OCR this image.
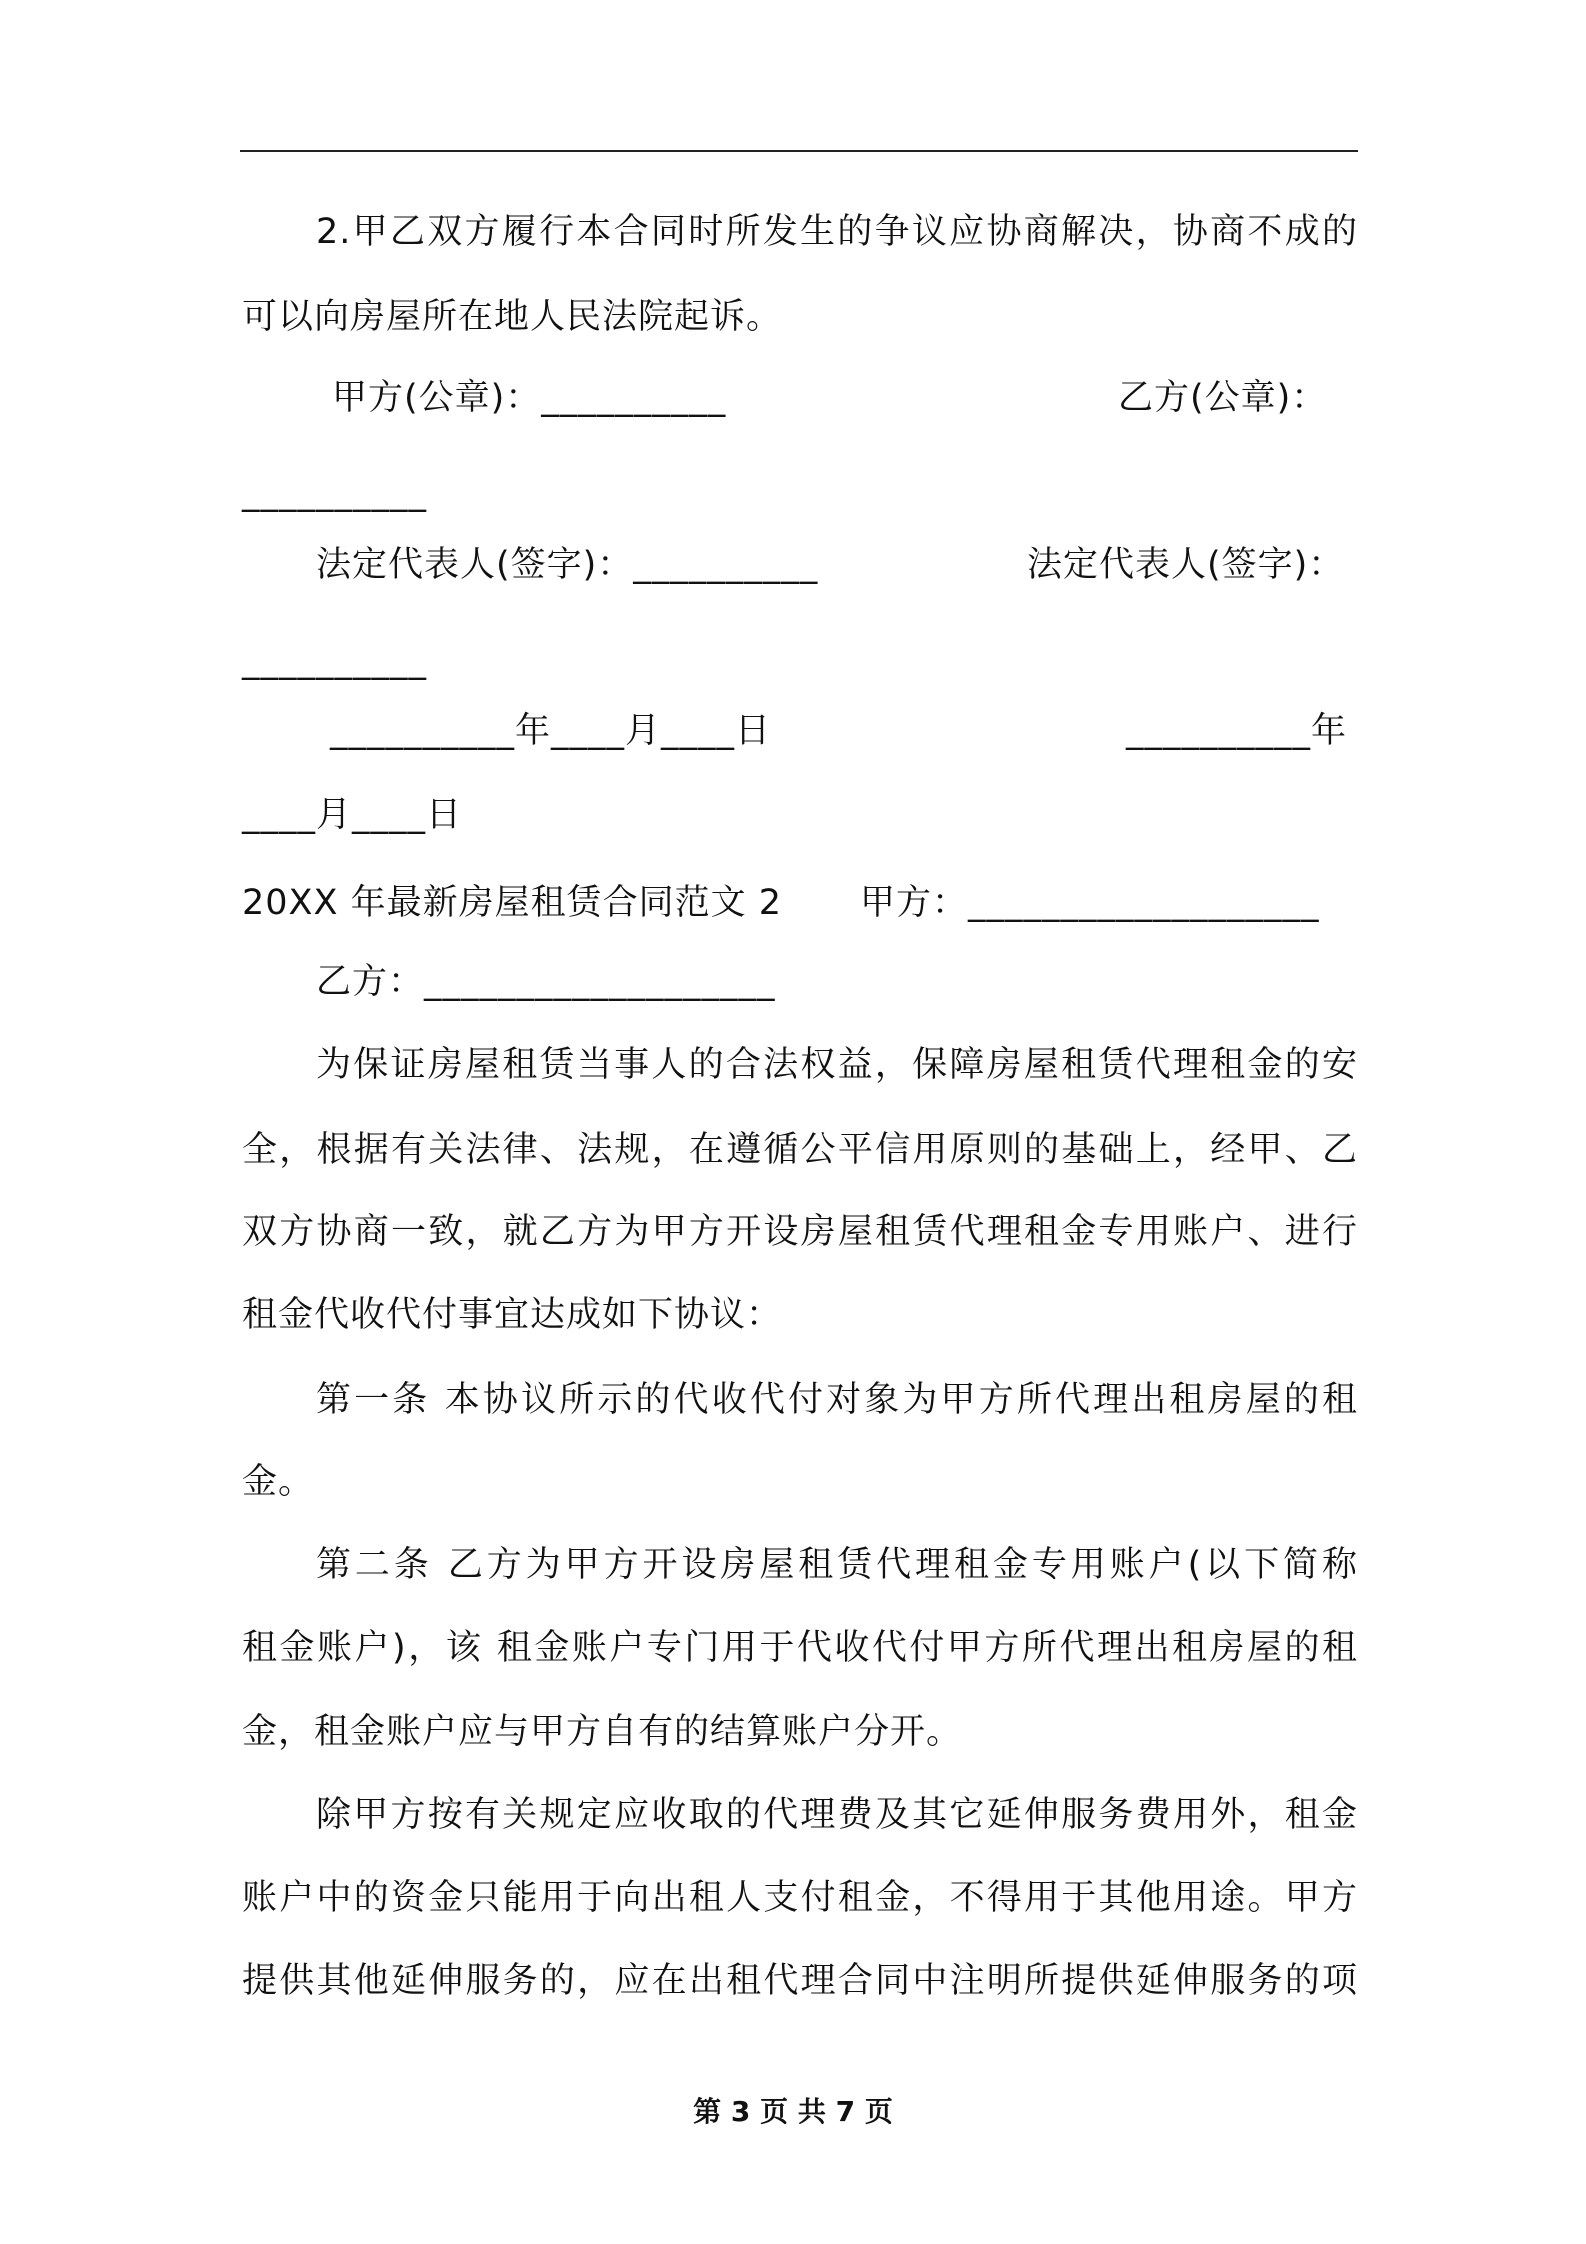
2.甲乙双方履行本合同时所发生的争议应协商解决，协商不成的
可以向房屋所在地人民法院起诉。
甲方(公章)：__________	乙方(公章)：
__________
法定代表人(签字)：__________	法定代表人(签字)：
__________
__________年____月____日	__________年
____月____日
20XX 年最新房屋租赁合同范文 2 甲方：___________________
乙方：___________________
为保证房屋租赁当事人的合法权益，保障房屋租赁代理租金的安
全，根据有关法律、法规，在遵循公平信用原则的基础上，经甲、乙
双方协商一致，就乙方为甲方开设房屋租赁代理租金专用账户、进行
租金代收代付事宜达成如下协议：
第一条 本协议所示的代收代付对象为甲方所代理出租房屋的租
金。
第二条 乙方为甲方开设房屋租赁代理租金专用账户(以下简称
租金账户)，该 租金账户专门用于代收代付甲方所代理出租房屋的租
金，租金账户应与甲方自有的结算账户分开。
除甲方按有关规定应收取的代理费及其它延伸服务费用外，租金
账户中的资金只能用于向出租人支付租金，不得用于其他用途。甲方
提供其他延伸服务的，应在出租代理合同中注明所提供延伸服务的项
第 3 页 共 7 页
